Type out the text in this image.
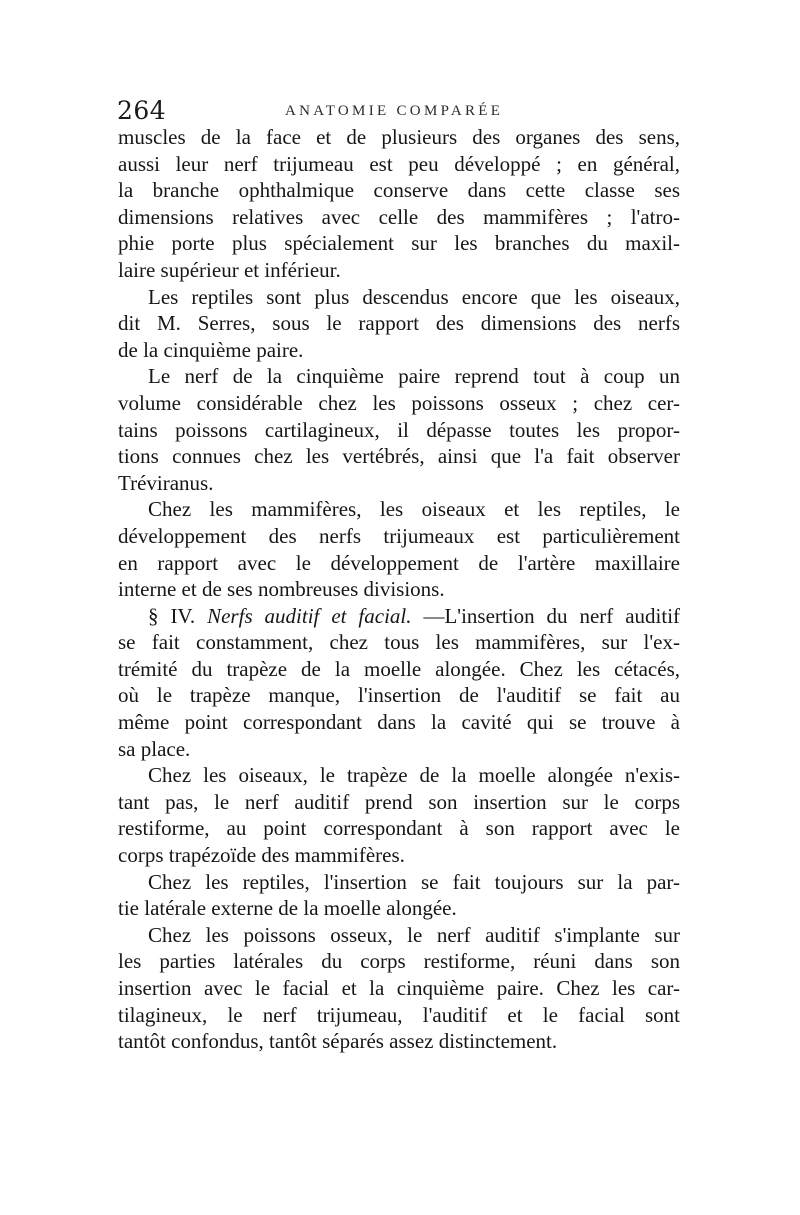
264	ANATOMIE COMPARÉE
muscles de la face et de plusieurs des organes des sens,
aussi leur nerf trijumeau est peu développé ; en général,
la branche ophthalmique conserve dans cette classe ses
dimensions relatives avec celle des mammifères ; l'atro-
phie porte plus spécialement sur les branches du maxil-
laire supérieur et inférieur.
Les reptiles sont plus descendus encore que les oiseaux,
dit M. Serres, sous le rapport des dimensions des nerfs
de la cinquième paire.
Le nerf de la cinquième paire reprend tout à coup un
volume considérable chez les poissons osseux ; chez cer-
tains poissons cartilagineux, il dépasse toutes les propor-
tions connues chez les vertébrés, ainsi que l'a fait observer
Tréviranus.
Chez les mammifères, les oiseaux et les reptiles, le
développement des nerfs trijumeaux est particulièrement
en rapport avec le développement de l'artère maxillaire
interne et de ses nombreuses divisions.
§ IV. Nerfs auditif et facial. —L'insertion du nerf auditif
se fait constamment, chez tous les mammifères, sur l'ex-
trémité du trapèze de la moelle alongée. Chez les cétacés,
où le trapèze manque, l'insertion de l'auditif se fait au
même point correspondant dans la cavité qui se trouve à
sa place.
Chez les oiseaux, le trapèze de la moelle alongée n'exis-
tant pas, le nerf auditif prend son insertion sur le corps
restiforme, au point correspondant à son rapport avec le
corps trapézoïde des mammifères.
Chez les reptiles, l'insertion se fait toujours sur la par-
tie latérale externe de la moelle alongée.
Chez les poissons osseux, le nerf auditif s'implante sur
les parties latérales du corps restiforme, réuni dans son
insertion avec le facial et la cinquième paire. Chez les car-
tilagineux, le nerf trijumeau, l'auditif et le facial sont
tantôt confondus, tantôt séparés assez distinctement.
